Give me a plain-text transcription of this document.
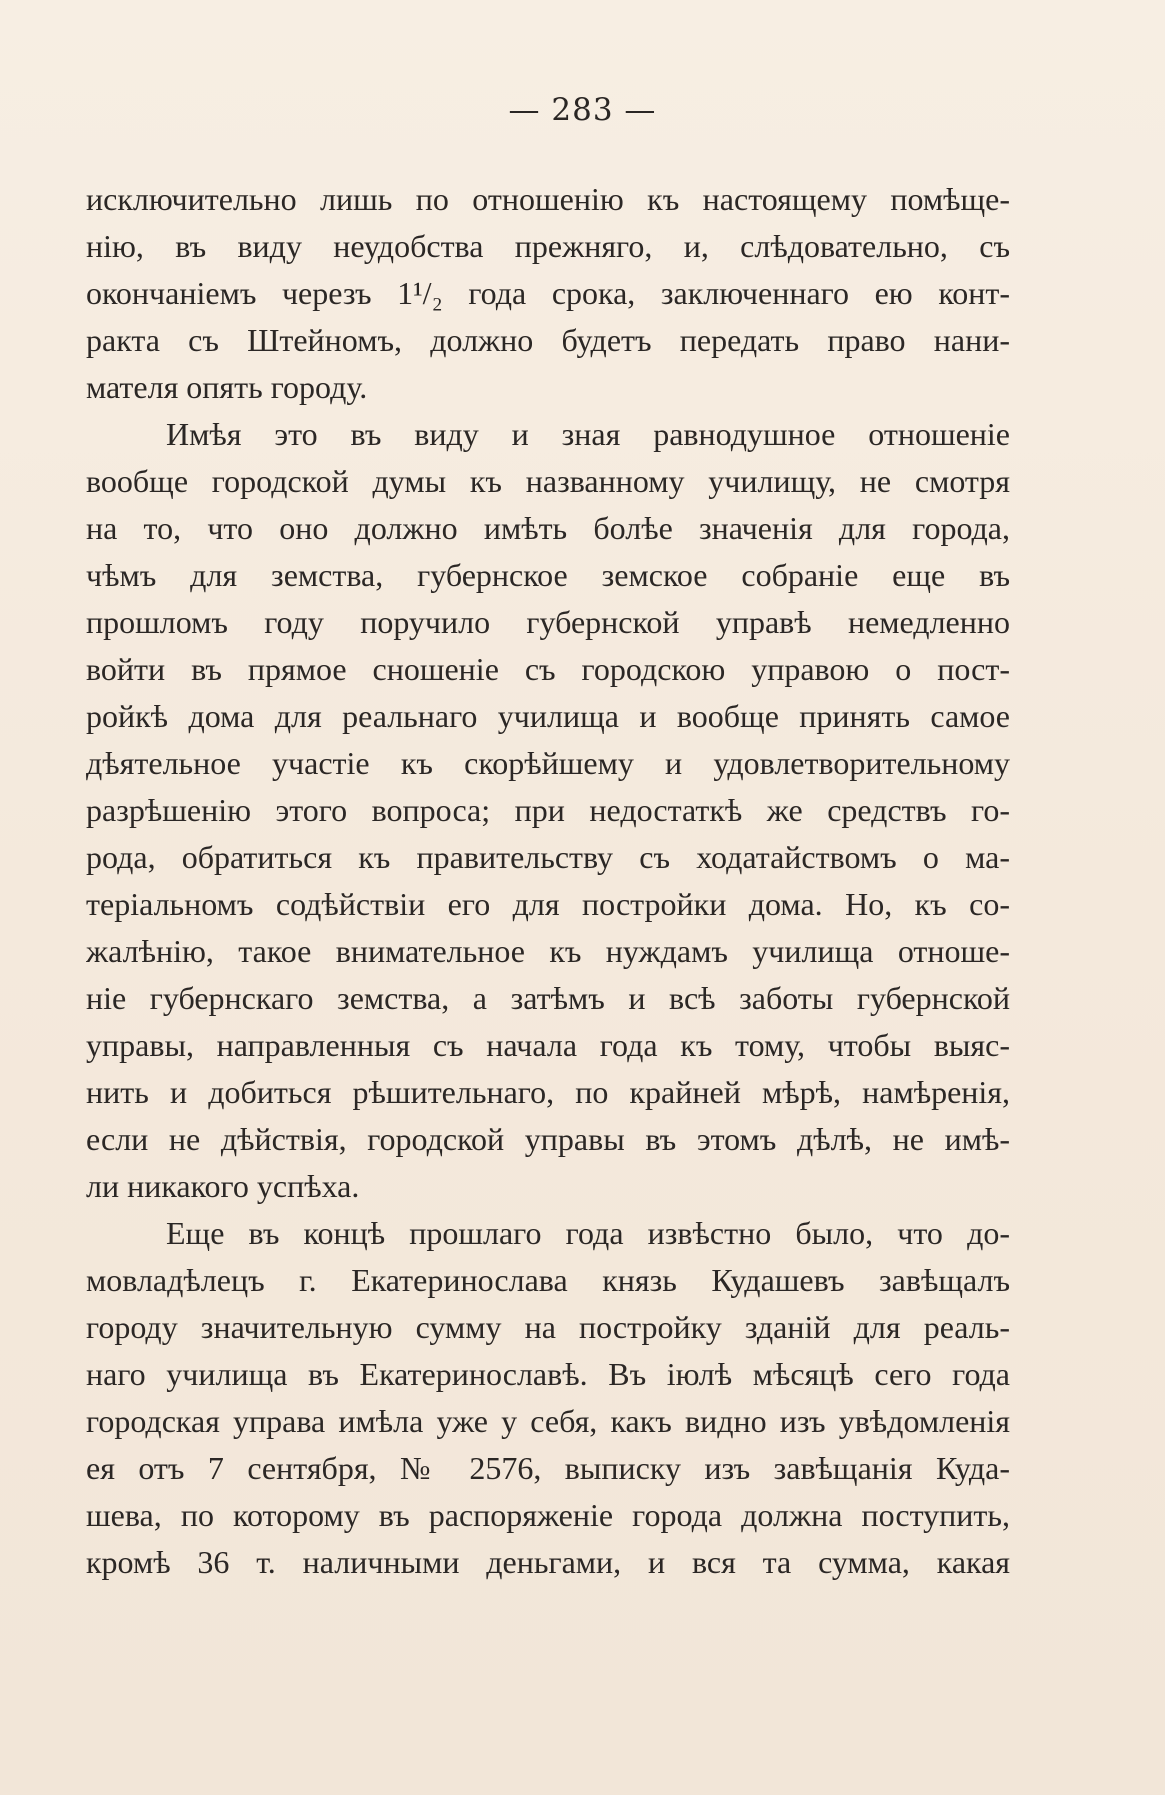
— 283 —
исключительно лишь по отношенію къ настоящему помѣще-
нію, въ виду неудобства прежняго, и, слѣдовательно, съ
окончаніемъ черезъ 1¹/₂ года срока, заключеннаго ею конт-
ракта съ Штейномъ, должно будетъ передать право нани-
мателя опять городу.
Имѣя это въ виду и зная равнодушное отношеніе
вообще городской думы къ названному училищу, не смотря
на то, что оно должно имѣть болѣе значенія для города,
чѣмъ для земства, губернское земское собраніе еще въ
прошломъ году поручило губернской управѣ немедленно
войти въ прямое сношеніе съ городскою управою о пост-
ройкѣ дома для реальнаго училища и вообще принять самое
дѣятельное участіе къ скорѣйшему и удовлетворительному
разрѣшенію этого вопроса; при недостаткѣ же средствъ го-
рода, обратиться къ правительству съ ходатайствомъ о ма-
теріальномъ содѣйствіи его для постройки дома. Но, къ со-
жалѣнію, такое внимательное къ нуждамъ училища отноше-
ніе губернскаго земства, а затѣмъ и всѣ заботы губернской
управы, направленныя съ начала года къ тому, чтобы выяс-
нить и добиться рѣшительнаго, по крайней мѣрѣ, намѣренія,
если не дѣйствія, городской управы въ этомъ дѣлѣ, не имѣ-
ли никакого успѣха.
Еще въ концѣ прошлаго года извѣстно было, что до-
мовладѣлецъ г. Екатеринослава князь Кудашевъ завѣщалъ
городу значительную сумму на постройку зданій для реаль-
наго училища въ Екатеринославѣ. Въ іюлѣ мѣсяцѣ сего года
городская управа имѣла уже у себя, какъ видно изъ увѣдомленія
ея отъ 7 сентября, № 2576, выписку изъ завѣщанія Куда-
шева, по которому въ распоряженіе города должна поступить,
кромѣ 36 т. наличными деньгами, и вся та сумма, какая
